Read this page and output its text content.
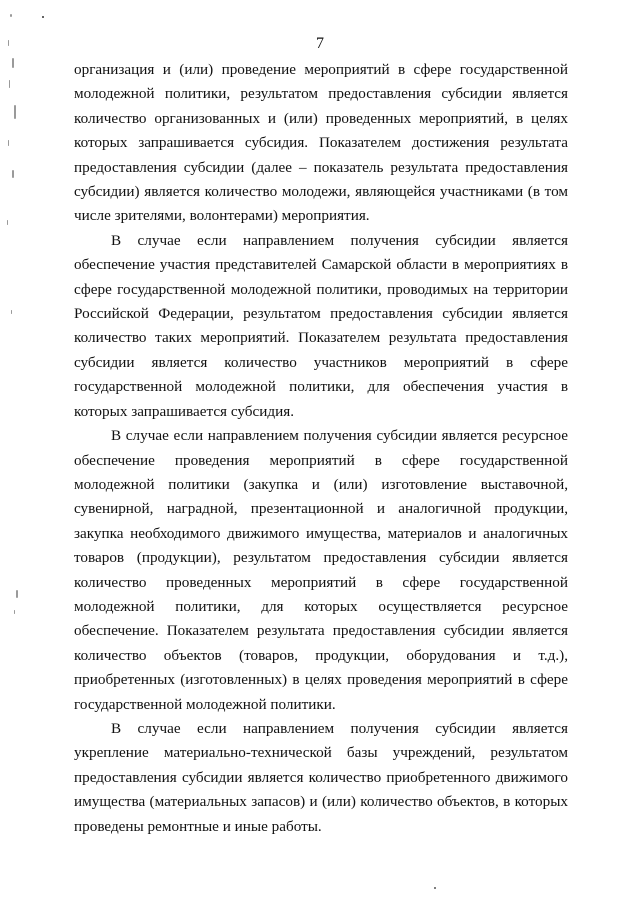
7

организация и (или) проведение мероприятий в сфере государственной молодежной политики, результатом предоставления субсидии является количество организованных и (или) проведенных мероприятий, в целях которых запрашивается субсидия. Показателем достижения результата предоставления субсидии (далее – показатель результата предоставления субсидии) является количество молодежи, являющейся участниками (в том числе зрителями, волонтерами) мероприятия.

В случае если направлением получения субсидии является обеспечение участия представителей Самарской области в мероприятиях в сфере государственной молодежной политики, проводимых на территории Российской Федерации, результатом предоставления субсидии является количество таких мероприятий. Показателем результата предоставления субсидии является количество участников мероприятий в сфере государственной молодежной политики, для обеспечения участия в которых запрашивается субсидия.

В случае если направлением получения субсидии является ресурсное обеспечение проведения мероприятий в сфере государственной молодежной политики (закупка и (или) изготовление выставочной, сувенирной, наградной, презентационной и аналогичной продукции, закупка необходимого движимого имущества, материалов и аналогичных товаров (продукции), результатом предоставления субсидии является количество проведенных мероприятий в сфере государственной молодежной политики, для которых осуществляется ресурсное обеспечение. Показателем результата предоставления субсидии является количество объектов (товаров, продукции, оборудования и т.д.), приобретенных (изготовленных) в целях проведения мероприятий в сфере государственной молодежной политики.

В случае если направлением получения субсидии является укрепление материально-технической базы учреждений, результатом предоставления субсидии является количество приобретенного движимого имущества (материальных запасов) и (или) количество объектов, в которых проведены ремонтные и иные работы.
